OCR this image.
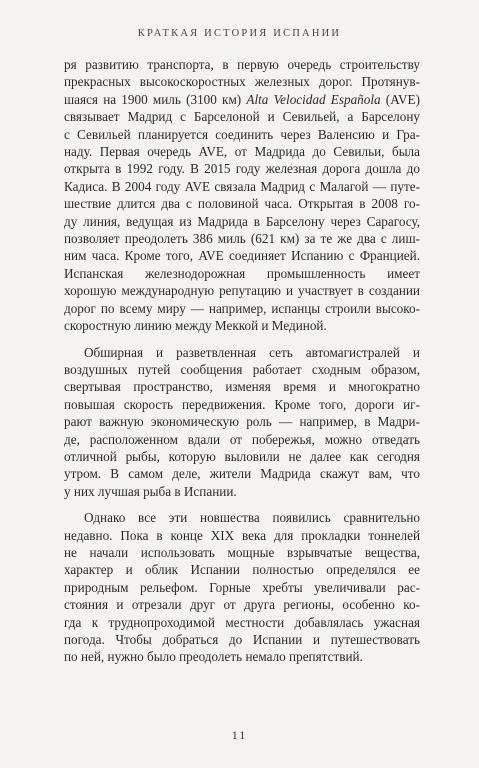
КРАТКАЯ ИСТОРИЯ ИСПАНИИ
ря развитию транспорта, в первую очередь строительству
прекрасных высокоскоростных железных дорог. Протянув-
шаяся на 1900 миль (3100 км) Alta Velocidad Española (AVE)
связывает Мадрид с Барселоной и Севильей, а Барселону
с Севильей планируется соединить через Валенсию и Гра-
наду. Первая очередь AVE, от Мадрида до Севильи, была
открыта в 1992 году. В 2015 году железная дорога дошла до
Кадиса. В 2004 году AVE связала Мадрид с Малагой — путе-
шествие длится два с половиной часа. Открытая в 2008 го-
ду линия, ведущая из Мадрида в Барселону через Сарагосу,
позволяет преодолеть 386 миль (621 км) за те же два с лиш-
ним часа. Кроме того, AVE соединяет Испанию с Францией.
Испанская железнодорожная промышленность имеет
хорошую международную репутацию и участвует в создании
дорог по всему миру — например, испанцы строили высоко-
скоростную линию между Меккой и Мединой.
Обширная и разветвленная сеть автомагистралей и
воздушных путей сообщения работает сходным образом,
свертывая пространство, изменяя время и многократно
повышая скорость передвижения. Кроме того, дороги иг-
рают важную экономическую роль — например, в Мадри-
де, расположенном вдали от побережья, можно отведать
отличной рыбы, которую выловили не далее как сегодня
утром. В самом деле, жители Мадрида скажут вам, что
у них лучшая рыба в Испании.
Однако все эти новшества появились сравнительно
недавно. Пока в конце XIX века для прокладки тоннелей
не начали использовать мощные взрывчатые вещества,
характер и облик Испании полностью определялся ее
природным рельефом. Горные хребты увеличивали рас-
стояния и отрезали друг от друга регионы, особенно ко-
гда к труднопроходимой местности добавлялась ужасная
погода. Чтобы добраться до Испании и путешествовать
по ней, нужно было преодолеть немало препятствий.
11
